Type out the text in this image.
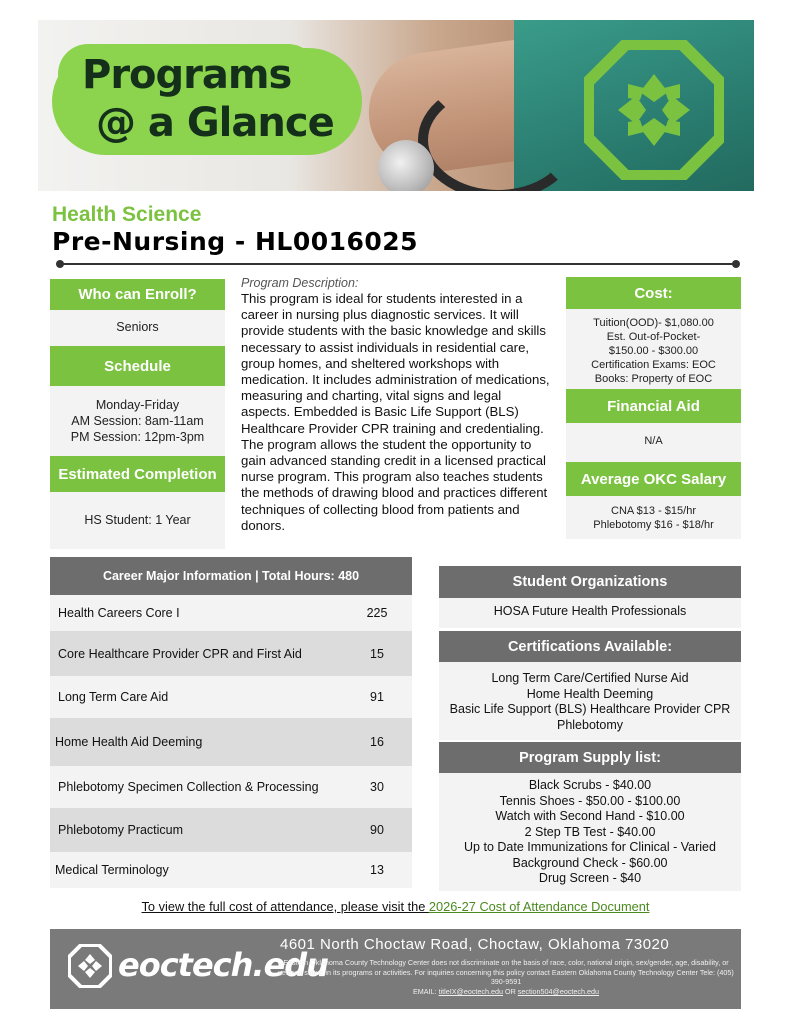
Programs
@ a Glance
Health Science
Pre-Nursing - HL0016025
Who can Enroll?
Seniors
Schedule
Monday-Friday
AM Session: 8am-11am
PM Session: 12pm-3pm
Estimated Completion
HS Student: 1 Year
Program Description:
This program is ideal for students interested in a career in nursing plus diagnostic services. It will provide students with the basic knowledge and skills necessary to assist individuals in residential care, group homes, and sheltered workshops with medication. It includes administration of medications, measuring and charting, vital signs and legal aspects. Embedded is Basic Life Support (BLS) Healthcare Provider CPR training and credentialing. The program allows the student the opportunity to gain advanced standing credit in a licensed practical nurse program. This program also teaches students the methods of drawing blood and practices different techniques of collecting blood from patients and donors.
Cost:
Tuition(OOD)- $1,080.00
Est. Out-of-Pocket-
$150.00 - $300.00
Certification Exams: EOC
Books: Property of EOC
Financial Aid
N/A
Average OKC Salary
CNA $13 - $15/hr
Phlebotomy $16 - $18/hr
Career Major Information | Total Hours: 480
Health Careers Core I	225
Core Healthcare Provider CPR and First Aid	15
Long Term Care Aid	91
Home Health Aid Deeming	16
Phlebotomy Specimen Collection & Processing	30
Phlebotomy Practicum	90
Medical Terminology	13
Student Organizations
HOSA Future Health Professionals
Certifications Available:
Long Term Care/Certified Nurse Aid
Home Health Deeming
Basic Life Support (BLS) Healthcare Provider CPR
Phlebotomy
Program Supply list:
Black Scrubs - $40.00
Tennis Shoes - $50.00 - $100.00
Watch with Second Hand - $10.00
2 Step TB Test - $40.00
Up to Date Immunizations for Clinical - Varied
Background Check - $60.00
Drug Screen - $40
To view the full cost of attendance, please visit the 2026-27 Cost of Attendance Document
eoctech.edu
4601 North Choctaw Road, Choctaw, Oklahoma 73020
Eastern Oklahoma County Technology Center does not discriminate on the basis of race, color, national origin, sex/gender, age, disability, or veteran status in its programs or activities. For inquiries concerning this policy contact Eastern Oklahoma County Technology Center Tele: (405) 390-9591
EMAIL: titleIX@eoctech.edu OR section504@eoctech.edu
